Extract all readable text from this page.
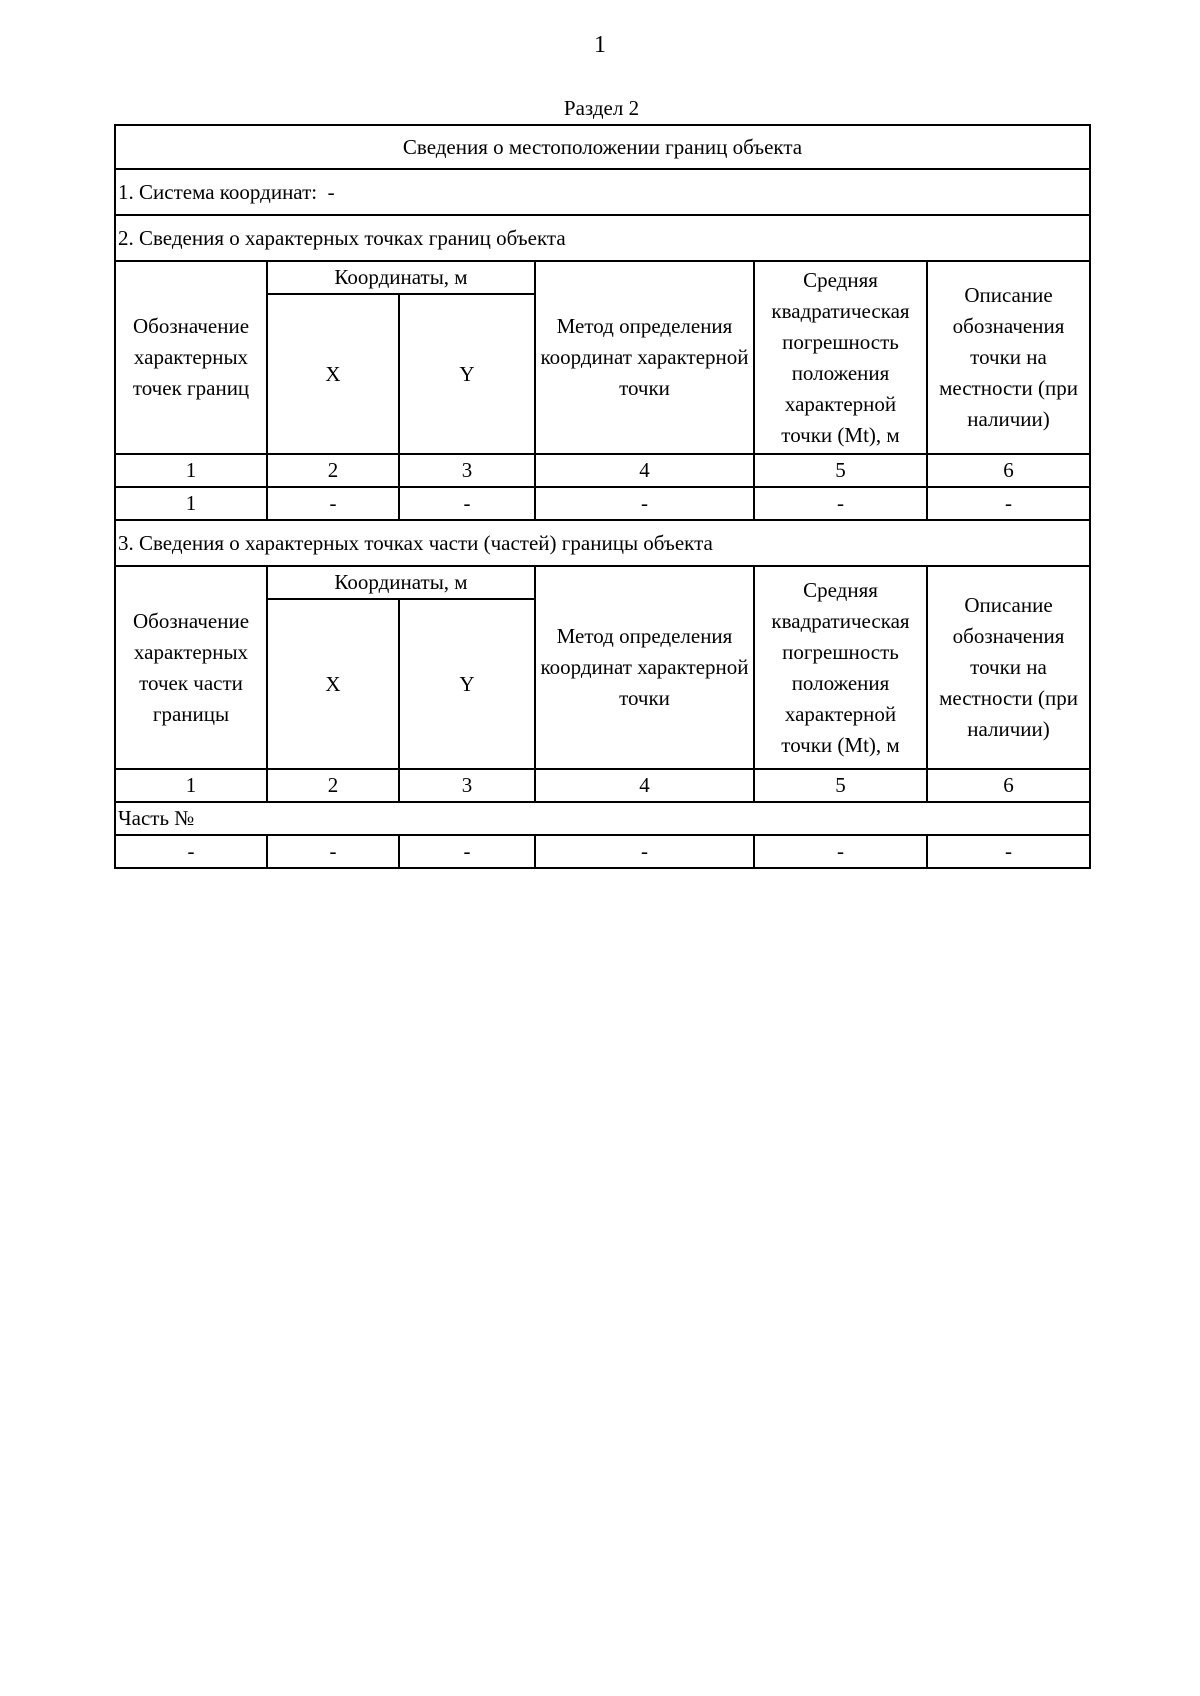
1
Раздел 2
Сведения о местоположении границ объекта					
1. Система координат: -					
2. Сведения о характерных точках границ объекта					
Обозначение характерных точек границ	Координаты, м		Метод определения координат характерной точки	Средняя квадратическая погрешность положения характерной точки (Mt), м	Описание обозначения точки на местности (при наличии)
	X	Y			
1	2	3	4	5	6
1	-	-	-	-	-
3. Сведения о характерных точках части (частей) границы объекта					
Обозначение характерных точек части границы	Координаты, м		Метод определения координат характерной точки	Средняя квадратическая погрешность положения характерной точки (Mt), м	Описание обозначения точки на местности (при наличии)
	X	Y			
1	2	3	4	5	6
Часть №					
-	-	-	-	-	-
